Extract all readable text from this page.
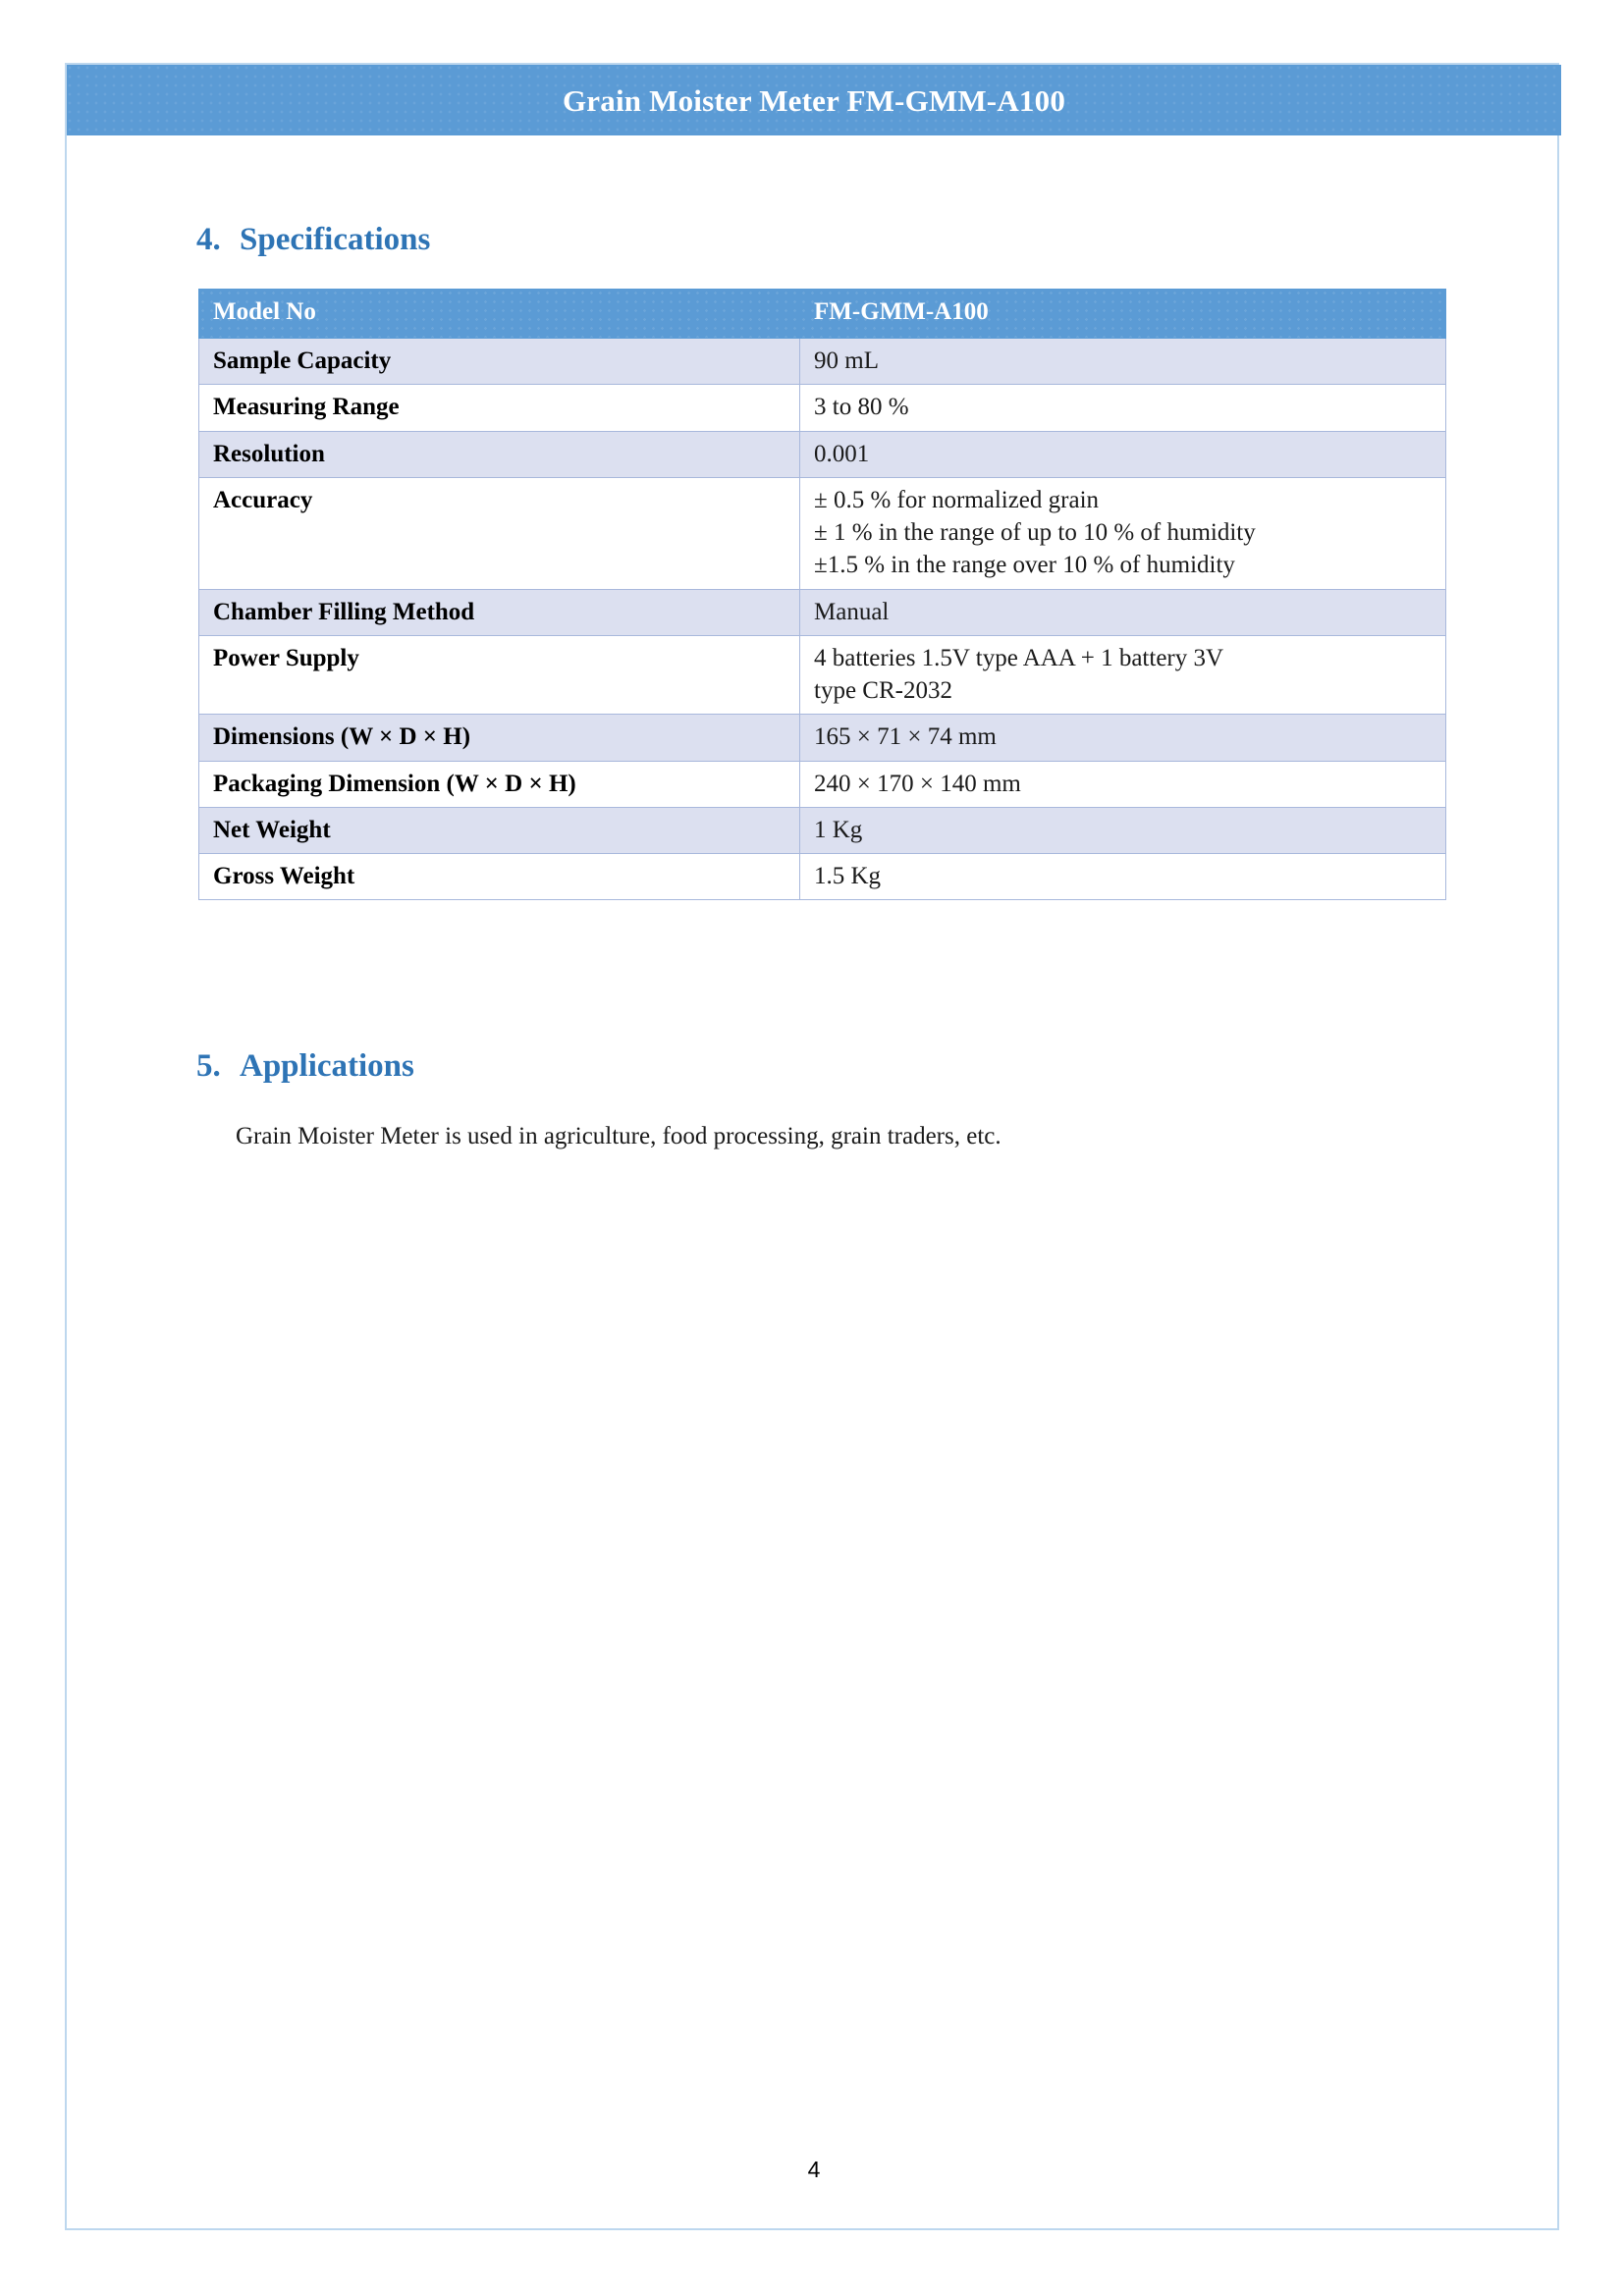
Grain Moister Meter FM-GMM-A100
4. Specifications
Model No	FM-GMM-A100
Sample Capacity	90 mL

Measuring Range	3 to 80 %

Resolution	0.001

Accuracy	± 0.5 % for normalized grain
± 1 % in the range of up to 10 % of humidity
±1.5 % in the range over 10 % of humidity

Chamber Filling Method	Manual

Power Supply	4 batteries 1.5V type AAA + 1 battery 3V
type CR-2032

Dimensions (W × D × H)	165 × 71 × 74 mm

Packaging Dimension (W × D × H)	240 × 170 × 140 mm

Net Weight	1 Kg

Gross Weight	1.5 Kg
5. Applications
Grain Moister Meter is used in agriculture, food processing, grain traders, etc.
4
